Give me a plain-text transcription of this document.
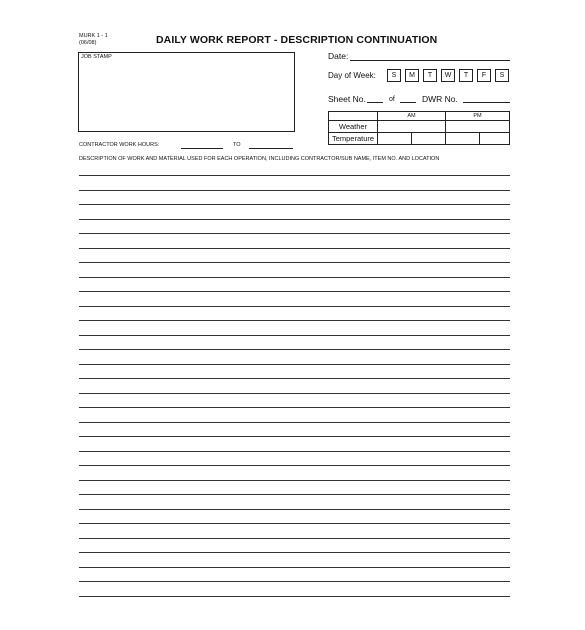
MURK 1 - 1
(06/08)	DAILY WORK REPORT - DESCRIPTION CONTINUATION
JOB STAMP	Date:
Day of Week:	S	M	T	W	T	F	S
Sheet No.	of	DWR No.
	AM		PM	
Weather				
Temperature				
CONTRACTOR WORK HOURS:	TO
DESCRIPTION OF WORK AND MATERIAL USED FOR EACH OPERATION, INCLUDING CONTRACTOR/SUB NAME, ITEM NO. AND LOCATION
